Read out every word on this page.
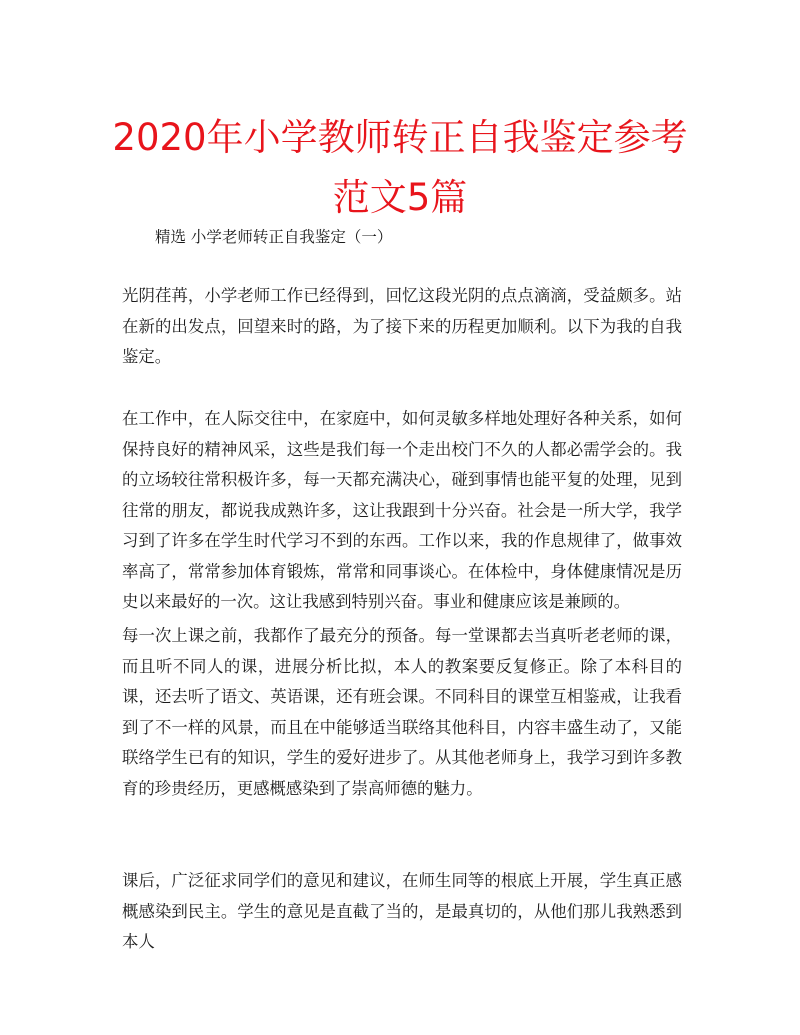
2020年小学教师转正自我鉴定参考范文5篇
精选 小学老师转正自我鉴定（一）

光阴荏苒，小学老师工作已经得到，回忆这段光阴的点点滴滴，受益颇多。站在新的出发点，回望来时的路，为了接下来的历程更加顺利。以下为我的自我鉴定。

在工作中，在人际交往中，在家庭中，如何灵敏多样地处理好各种关系，如何保持良好的精神风采，这些是我们每一个走出校门不久的人都必需学会的。我的立场较往常积极许多，每一天都充满决心，碰到事情也能平复的处理，见到往常的朋友，都说我成熟许多，这让我跟到十分兴奋。社会是一所大学，我学习到了许多在学生时代学习不到的东西。工作以来，我的作息规律了，做事效率高了，常常参加体育锻炼，常常和同事谈心。在体检中，身体健康情况是历史以来最好的一次。这让我感到特别兴奋。事业和健康应该是兼顾的。

每一次上课之前，我都作了最充分的预备。每一堂课都去当真听老老师的课，而且听不同人的课，进展分析比拟，本人的教案要反复修正。除了本科目的课，还去听了语文、英语课，还有班会课。不同科目的课堂互相鉴戒，让我看到了不一样的风景，而且在中能够适当联络其他科目，内容丰盛生动了，又能联络学生已有的知识，学生的爱好进步了。从其他老师身上，我学习到许多教育的珍贵经历，更感概感染到了崇高师德的魅力。

课后，广泛征求同学们的意见和建议，在师生同等的根底上开展，学生真正感概感染到民主。学生的意见是直截了当的，是最真切的，从他们那儿我熟悉到本人
